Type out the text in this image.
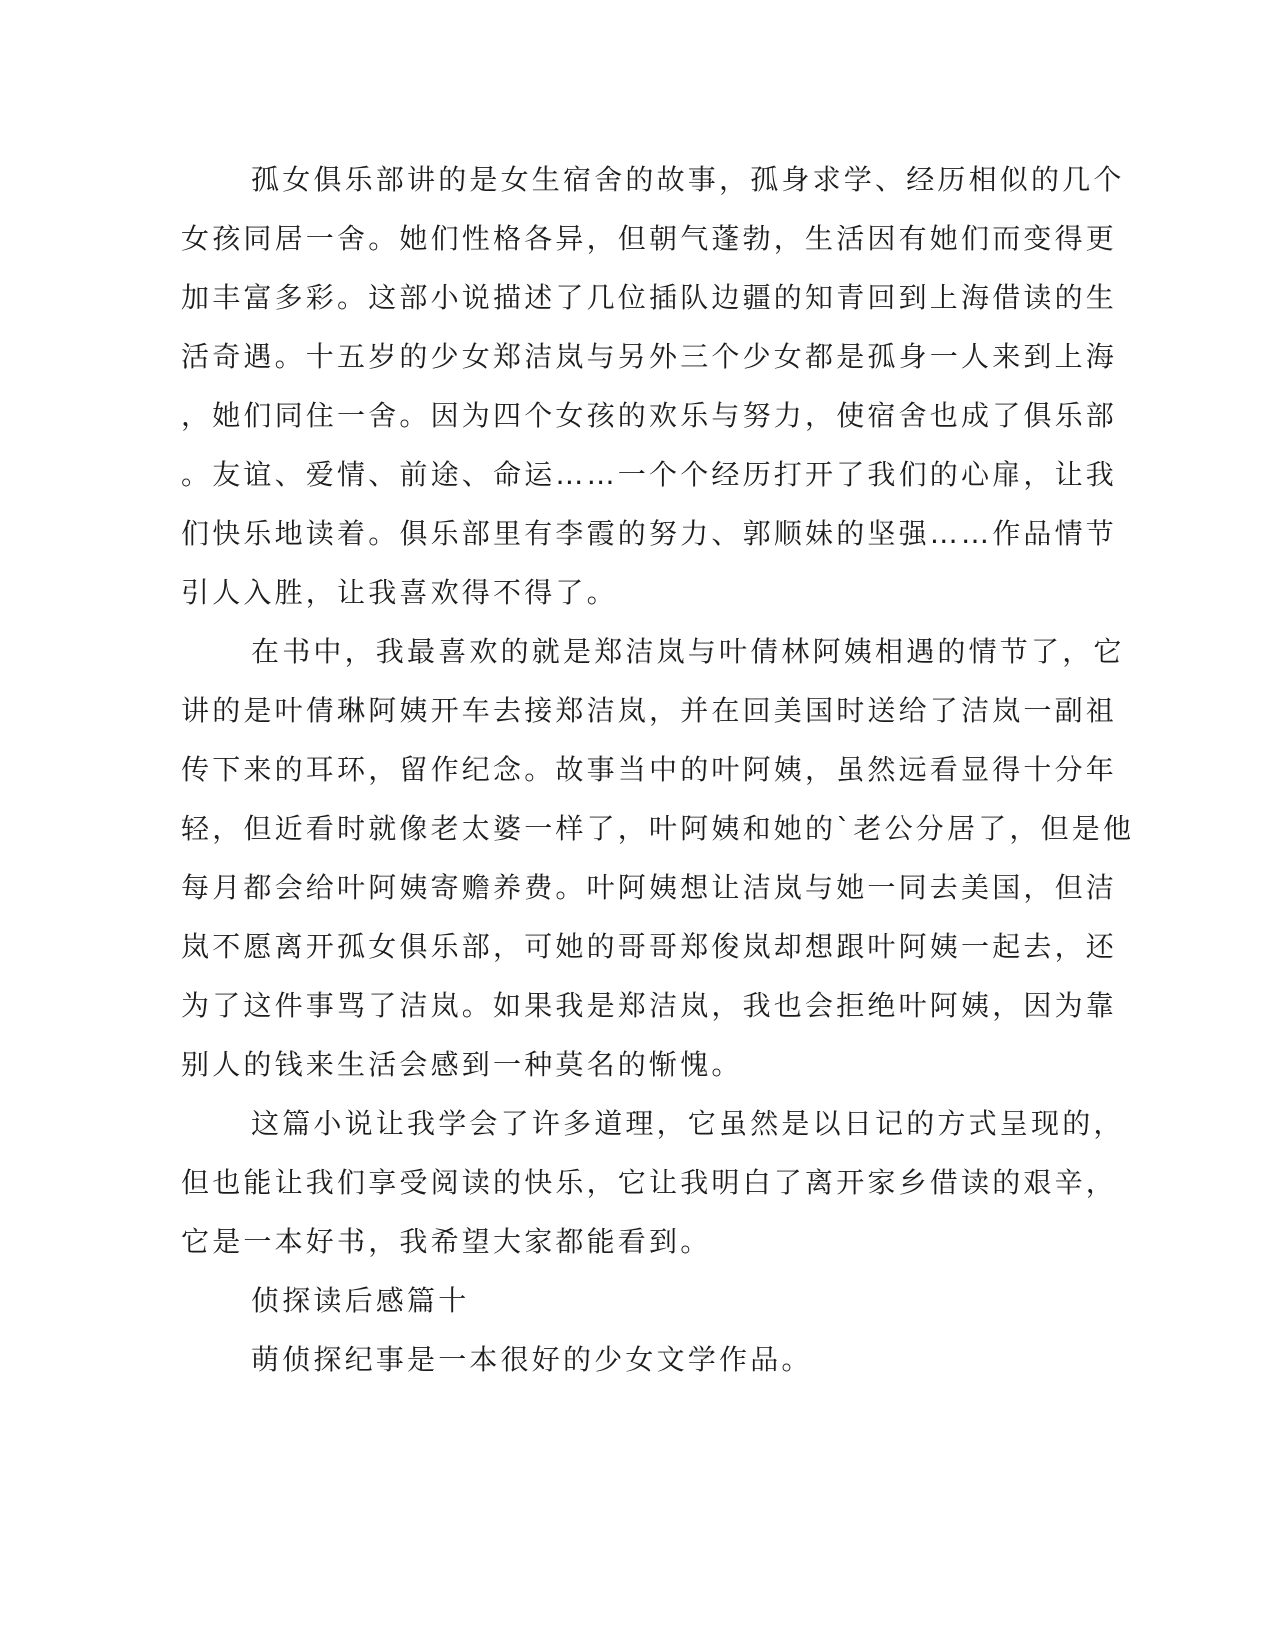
孤女俱乐部讲的是女生宿舍的故事，孤身求学、经历相似的几个

女孩同居一舍。她们性格各异，但朝气蓬勃，生活因有她们而变得更

加丰富多彩。这部小说描述了几位插队边疆的知青回到上海借读的生

活奇遇。十五岁的少女郑洁岚与另外三个少女都是孤身一人来到上海

，她们同住一舍。因为四个女孩的欢乐与努力，使宿舍也成了俱乐部

。友谊、爱情、前途、命运……一个个经历打开了我们的心扉，让我

们快乐地读着。俱乐部里有李霞的努力、郭顺妹的坚强……作品情节

引人入胜，让我喜欢得不得了。

在书中，我最喜欢的就是郑洁岚与叶倩林阿姨相遇的情节了，它

讲的是叶倩琳阿姨开车去接郑洁岚，并在回美国时送给了洁岚一副祖

传下来的耳环，留作纪念。故事当中的叶阿姨，虽然远看显得十分年

轻，但近看时就像老太婆一样了，叶阿姨和她的`老公分居了，但是他

每月都会给叶阿姨寄赡养费。叶阿姨想让洁岚与她一同去美国，但洁

岚不愿离开孤女俱乐部，可她的哥哥郑俊岚却想跟叶阿姨一起去，还

为了这件事骂了洁岚。如果我是郑洁岚，我也会拒绝叶阿姨，因为靠

别人的钱来生活会感到一种莫名的惭愧。

这篇小说让我学会了许多道理，它虽然是以日记的方式呈现的，

但也能让我们享受阅读的快乐，它让我明白了离开家乡借读的艰辛，

它是一本好书，我希望大家都能看到。

侦探读后感篇十

萌侦探纪事是一本很好的少女文学作品。
